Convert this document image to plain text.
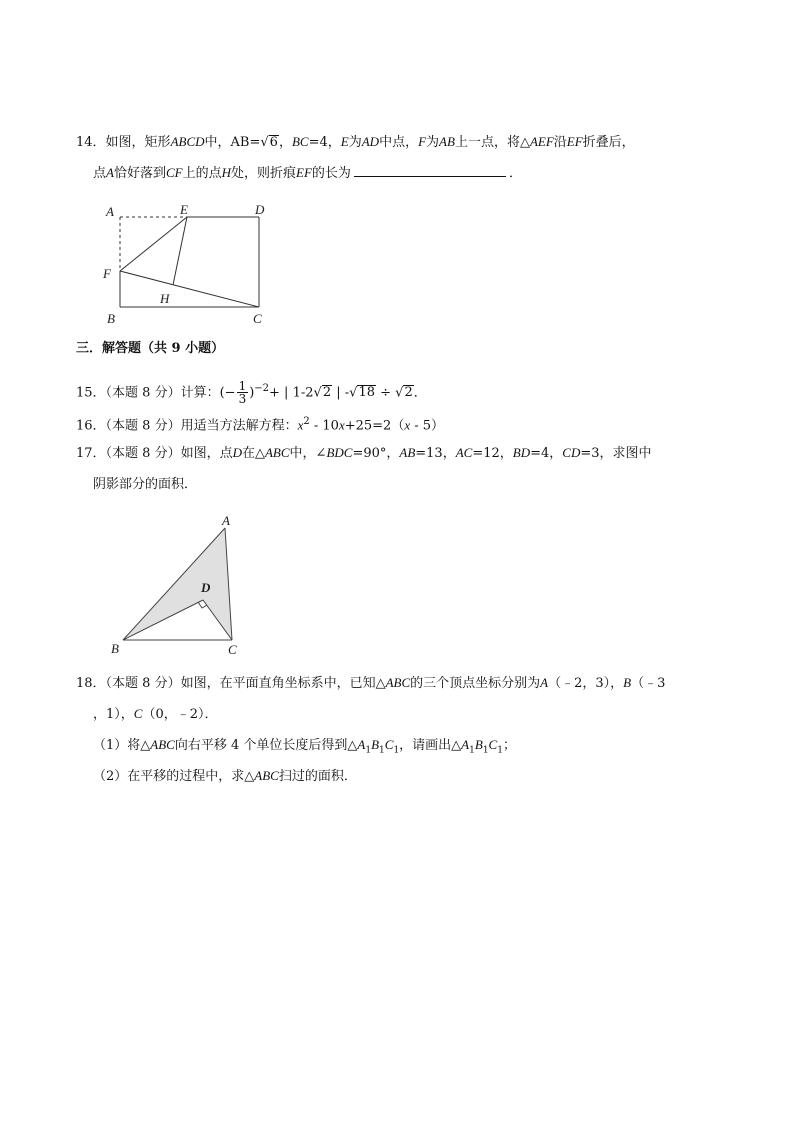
14．如图，矩形ABCD中，AB=√6，BC=4，E为AD中点，F为AB上一点，将△AEF沿EF折叠后，
点A恰好落到CF上的点H处，则折痕EF的长为	．
A	E	D
F
H
B	C
三．解答题（共 9 小题）
15．（本题 8 分）计算：(− $\frac{1}{3} )^{-2}+$ | 1-2√2 | -√18 ÷ √2．
16．（本题 8 分）用适当方法解方程：$x^2 - 10x+25=2(x - 5)$
17．（本题 8 分）如图，点D在△ABC中，∠BDC=90°，AB=13，AC=12，BD=4，CD=3，求图中
阴影部分的面积．
A
D
B	C
18．（本题 8 分）如图，在平面直角坐标系中，已知△ABC的三个顶点坐标分别为A（﹣2，3），B（﹣3
，1），C（0，﹣2）．
（1）将△ABC向右平移 4 个单位长度后得到$\triangle A_1B_1C_1$，请画出$\triangle A_1B_1C_1$；
（2）在平移的过程中，求△ABC扫过的面积．
